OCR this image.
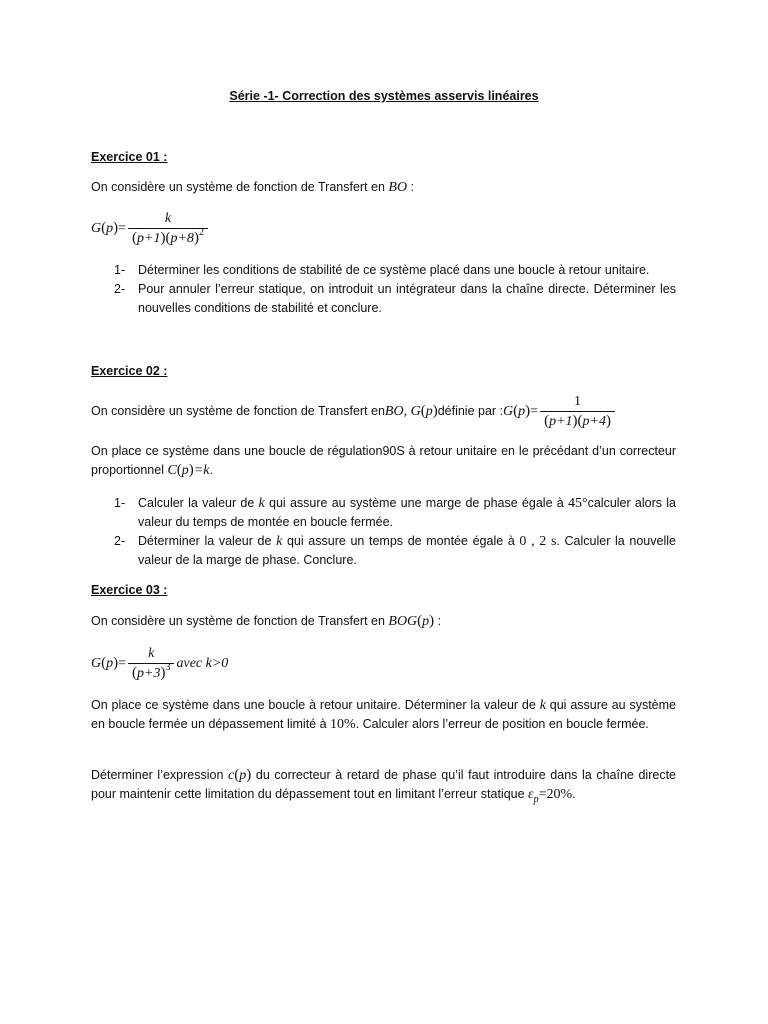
Série -1- Correction des systèmes asservis linéaires
Exercice 01 :
On considère un système de fonction de Transfert en BO :
G ( p ) = $\frac{k}{(p+1)(p+8)^2}$
1-	Déterminer les conditions de stabilité de ce système placé dans une boucle à retour unitaire.
2-	Pour annuler l’erreur statique, on introduit un intégrateur dans la chaîne directe. Déterminer les nouvelles conditions de stabilité et conclure.
Exercice 02 :
On considère un système de fonction de Transfert en BO, G ( p ) définie par : G ( p ) = $\frac{1}{(p+1)(p+4)}$
On place ce système dans une boucle de régulation90S à retour unitaire en le précédant d’un correcteur proportionnel C(p)=k.
1-	Calculer la valeur de k qui assure au système une marge de phase égale à 45°calculer alors la valeur du temps de montée en boucle fermée.
2-	Déterminer la valeur de k qui assure un temps de montée égale à 0 , 2 s. Calculer la nouvelle valeur de la marge de phase. Conclure.
Exercice 03 :
On considère un système de fonction de Transfert en BOG(p) :
G ( p ) = $\frac{k}{(p+3)^3}$ avec k>0
On place ce système dans une boucle à retour unitaire. Déterminer la valeur de k qui assure au système en boucle fermée un dépassement limité à 10%. Calculer alors l’erreur de position en boucle fermée.
Déterminer l’expression c(p) du correcteur à retard de phase qu’il faut introduire dans la chaîne directe pour maintenir cette limitation du dépassement tout en limitant l’erreur statique $\varepsilon_p=20\%$.
